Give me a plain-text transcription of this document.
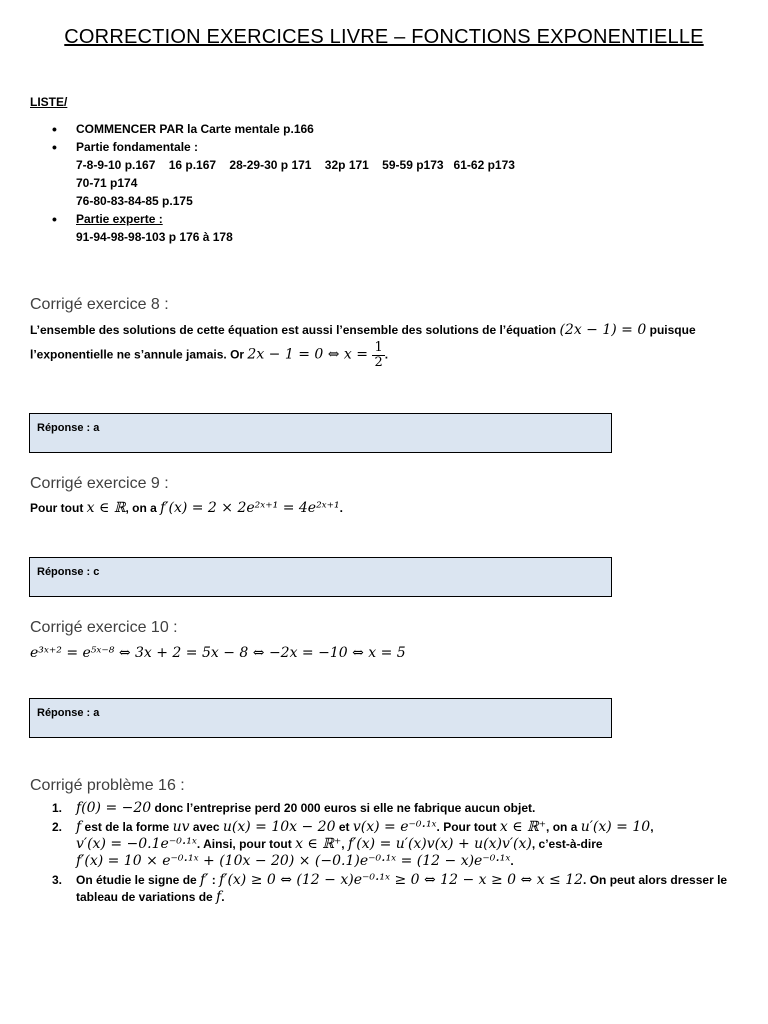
CORRECTION EXERCICES LIVRE – FONCTIONS EXPONENTIELLE
LISTE/
• COMMENCER PAR la Carte mentale p.166
• Partie fondamentale :
7-8-9-10 p.167    16 p.167    28-29-30 p 171    32p 171    59-59 p173   61-62 p173
70-71 p174
76-80-83-84-85 p.175
• Partie experte :
91-94-98-98-103 p 176 à 178
Corrigé exercice 8 :
L’ensemble des solutions de cette équation est aussi l’ensemble des solutions de l’équation (2x − 1) = 0 puisque
l’exponentielle ne s’annule jamais. Or 2x − 1 = 0 ⇔ $x = \frac{1}{2}$ .
Réponse : a
Corrigé exercice 9 :
Pour tout x ∈ ℝ, on a f′(x) = 2 × 2e²ˣ⁺¹ = 4e²ˣ⁺¹.
Réponse : c
Corrigé exercice 10 :
e³ˣ⁺² = e⁵ˣ⁻⁸ ⇔ 3x + 2 = 5x − 8 ⇔ −2x = −10 ⇔ x = 5
Réponse : a
Corrigé problème 16 :
1. f(0) = −20 donc l’entreprise perd 20 000 euros si elle ne fabrique aucun objet.
2. f est de la forme uv avec u(x) = 10x − 20 et v(x) = e⁻⁰·¹ˣ. Pour tout x ∈ ℝ⁺, on a u′(x) = 10,
v′(x) = −0.1e⁻⁰·¹ˣ. Ainsi, pour tout x ∈ ℝ⁺, f′(x) = u′(x)v(x) + u(x)v′(x), c’est-à-dire
f′(x) = 10 × e⁻⁰·¹ˣ + (10x − 20) × (−0.1)e⁻⁰·¹ˣ = (12 − x)e⁻⁰·¹ˣ.
3. On étudie le signe de f′ : f′(x) ≥ 0 ⇔ (12 − x)e⁻⁰·¹ˣ ≥ 0 ⇔ 12 − x ≥ 0 ⇔ x ≤ 12. On peut alors dresser le
tableau de variations de f.
